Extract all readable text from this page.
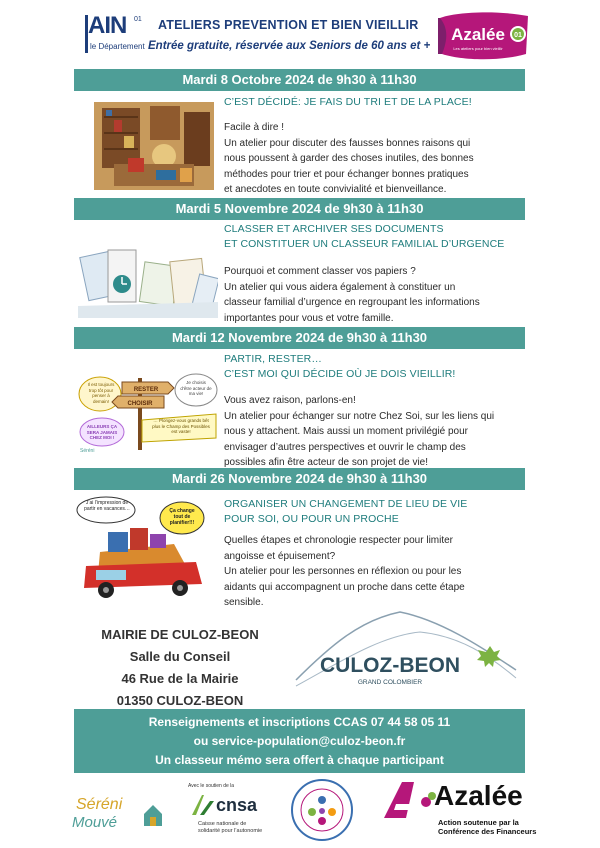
AIN 01
le Département
ATELIERS PREVENTION ET BIEN VIEILLIR
Entrée gratuite, réservée aux Seniors de 60 ans et +
01
Azalée
Les ateliers pour bien vieillir
Mardi 8 Octobre 2024 de 9h30 à 11h30
C’EST DÉCIDÉ: JE FAIS DU TRI ET DE LA PLACE!
Facile à dire !
Un atelier pour discuter des fausses bonnes raisons qui
nous poussent à garder des choses inutiles, des bonnes
méthodes pour trier et pour échanger bonnes pratiques
et anecdotes en toute convivialité et bienveillance.
Mardi 5 Novembre 2024 de 9h30 à 11h30
CLASSER ET ARCHIVER SES DOCUMENTS
ET CONSTITUER UN CLASSEUR FAMILIAL D’URGENCE
Pourquoi et comment classer vos papiers ?
Un atelier qui vous aidera également à constituer un
classeur familial d’urgence en regroupant les informations
importantes pour vous et votre famille.
Mardi 12 Novembre 2024 de 9h30 à 11h30
RESTER
CHOISIR
Séréni
Il est toujours trop tôt pour penser à demain!
Je choisis d’être acteur de ma vie!
AILLEURS ÇA SERA JAMAIS CHEZ MOI !
… Plongez-vous grands bêt plus le Champ des Possibles est vaste!
PARTIR, RESTER…
C’EST MOI QUI DÉCIDE OÙ JE DOIS VIEILLIR!
Vous avez raison, parlons-en!
Un atelier pour échanger sur notre Chez Soi, sur les liens qui
nous y attachent. Mais aussi un moment privilégié pour
envisager d’autres perspectives et ouvrir le champ des
possibles afin être acteur de son projet de vie!
Mardi 26 Novembre 2024 de 9h30 à 11h30
J’ai l’impression de partir en vacances…	Ça change tout de planifier!!!
ORGANISER UN CHANGEMENT DE LIEU DE VIE
POUR SOI, OU POUR UN PROCHE
Quelles étapes et chronologie respecter pour limiter
angoisse et épuisement?
Un atelier pour les personnes en réflexion ou pour les
aidants qui accompagnent un proche dans cette étape
sensible.
MAIRIE DE CULOZ-BEON
Salle du Conseil
46 Rue de la Mairie
01350 CULOZ-BEON
CULOZ-BEON
GRAND COLOMBIER
Renseignements et inscriptions CCAS 07 44 58 05 11
ou service-population@culoz-beon.fr
Un classeur mémo sera offert à chaque participant
Séréni
Mouvé
Avec le soutien de la
cnsa
Caisse nationale de
solidarité pour l’autonomie
Azalée
Action soutenue par la
Conférence des Financeurs
